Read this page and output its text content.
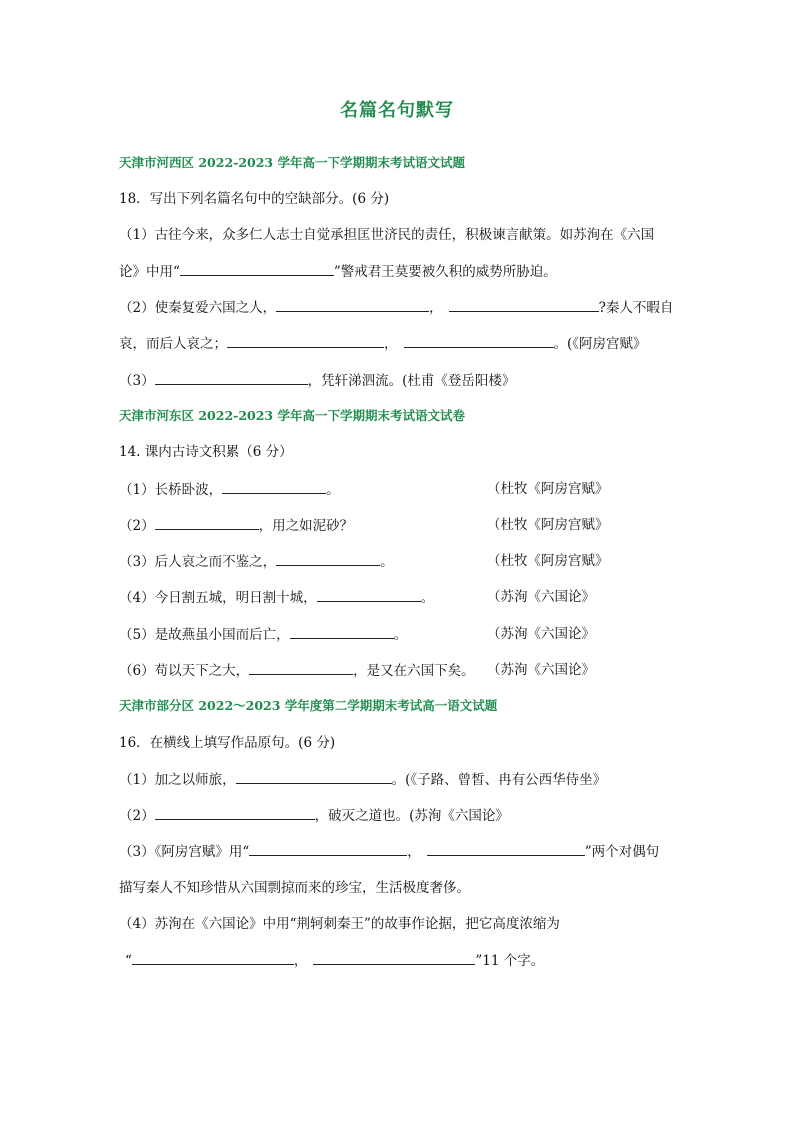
名篇名句默写
天津市河西区 2022-2023 学年高一下学期期末考试语文试题
18．写出下列名篇名句中的空缺部分。(6 分)
（1）古往今来，众多仁人志士自觉承担匡世济民的责任，积极谏言献策。如苏洵在《六国
论》中用“	”警戒君王莫要被久积的威势所胁迫。
（2）使秦复爱六国之人，	，	?秦人不暇自
哀，而后人哀之；	，	。(《阿房宫赋》
（3）	，凭轩涕泗流。(杜甫《登岳阳楼》
天津市河东区 2022-2023 学年高一下学期期末考试语文试卷
14. 课内古诗文积累（6 分）
（1）长桥卧波，	。	（杜牧《阿房宫赋》
（2）	，用之如泥砂？	（杜牧《阿房宫赋》
（3）后人哀之而不鉴之，	。	（杜牧《阿房宫赋》
（4）今日割五城，明日割十城，	。	（苏洵《六国论》
（5）是故燕虽小国而后亡，	。	（苏洵《六国论》
（6）苟以天下之大，	，是又在六国下矣。 （苏洵《六国论》
天津市部分区 2022～2023 学年度第二学期期末考试高一语文试题
16．在横线上填写作品原句。(6 分)
（1）加之以师旅，	。(《子路、曾皙、冉有公西华侍坐》
（2）	，破灭之道也。(苏洵《六国论》
（3）《阿房宫赋》用“	，	”两个对偶句
描写秦人不知珍惜从六国剽掠而来的珍宝，生活极度奢侈。
（4）苏洵在《六国论》中用“荆轲刺秦王”的故事作论据，把它高度浓缩为
“	，	”11 个字。
